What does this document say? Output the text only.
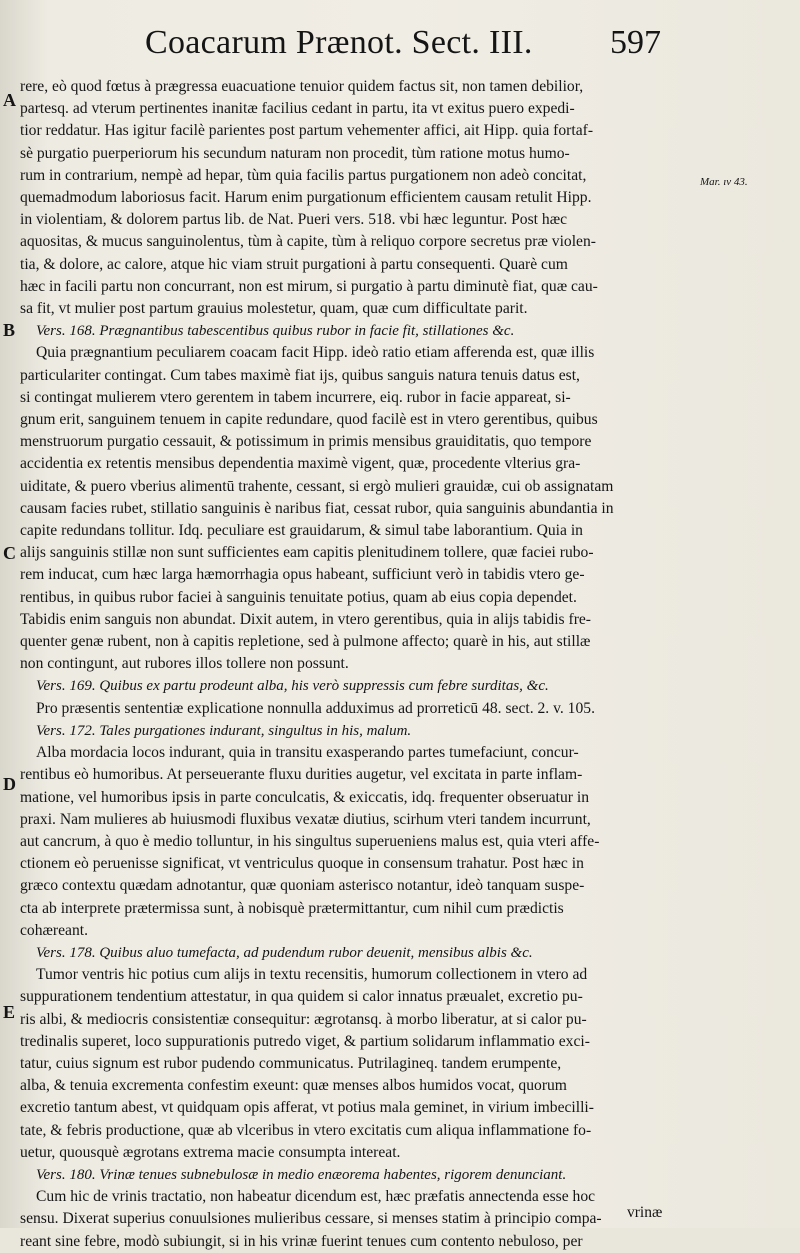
Coacarum Prænot. Sect. III. 597
A
B
C
D
E
Mar. ıv 43.

rere, eò quod fœtus à prægressa euacuatione tenuior quidem factus sit, non tamen debilior,

partesq. ad vterum pertinentes inanitæ facilius cedant in partu, ita vt exitus puero expedi-

tior reddatur. Has igitur facilè parientes post partum vehementer affici, ait Hipp. quia fortaf-

sè purgatio puerperiorum his secundum naturam non procedit, tùm ratione motus humo-

rum in contrarium, nempè ad hepar, tùm quia facilis partus purgationem non adeò concitat,

quemadmodum laboriosus facit. Harum enim purgationum efficientem causam retulit Hipp.

in violentiam, & dolorem partus lib. de Nat. Pueri vers. 518. vbi hæc leguntur. Post hæc

aquositas, & mucus sanguinolentus, tùm à capite, tùm à reliquo corpore secretus præ violen-

tia, & dolore, ac calore, atque hic viam struit purgationi à partu consequenti. Quarè cum

hæc in facili partu non concurrant, non est mirum, si purgatio à partu diminutè fiat, quæ cau-

sa fit, vt mulier post partum grauius molestetur, quam, quæ cum difficultate parit.

Vers. 168. Prægnantibus tabescentibus quibus rubor in facie fit, stillationes &c.

Quia prægnantium peculiarem coacam facit Hipp. ideò ratio etiam afferenda est, quæ illis

particulariter contingat. Cum tabes maximè fiat ijs, quibus sanguis natura tenuis datus est,

si contingat mulierem vtero gerentem in tabem incurrere, eiq. rubor in facie appareat, si-

gnum erit, sanguinem tenuem in capite redundare, quod facilè est in vtero gerentibus, quibus

menstruorum purgatio cessauit, & potissimum in primis mensibus grauiditatis, quo tempore

accidentia ex retentis mensibus dependentia maximè vigent, quæ, procedente vlterius gra-

uiditate, & puero vberius alimentū trahente, cessant, si ergò mulieri grauidæ, cui ob assignatam

causam facies rubet, stillatio sanguinis è naribus fiat, cessat rubor, quia sanguinis abundantia in

capite redundans tollitur. Idq. peculiare est grauidarum, & simul tabe laborantium. Quia in

alijs sanguinis stillæ non sunt sufficientes eam capitis plenitudinem tollere, quæ faciei rubo-

rem inducat, cum hæc larga hæmorrhagia opus habeant, sufficiunt verò in tabidis vtero ge-

rentibus, in quibus rubor faciei à sanguinis tenuitate potius, quam ab eius copia dependet.

Tabidis enim sanguis non abundat. Dixit autem, in vtero gerentibus, quia in alijs tabidis fre-

quenter genæ rubent, non à capitis repletione, sed à pulmone affecto; quarè in his, aut stillæ

non contingunt, aut rubores illos tollere non possunt.

Vers. 169. Quibus ex partu prodeunt alba, his verò suppressis cum febre surditas, &c.

Pro præsentis sententiæ explicatione nonnulla adduximus ad prorreticū 48. sect. 2. v. 105.

Vers. 172. Tales purgationes indurant, singultus in his, malum.

Alba mordacia locos indurant, quia in transitu exasperando partes tumefaciunt, concur-

rentibus eò humoribus. At perseuerante fluxu durities augetur, vel excitata in parte inflam-

matione, vel humoribus ipsis in parte conculcatis, & exiccatis, idq. frequenter obseruatur in

praxi. Nam mulieres ab huiusmodi fluxibus vexatæ diutius, scirhum vteri tandem incurrunt,

aut cancrum, à quo è medio tolluntur, in his singultus superueniens malus est, quia vteri affe-

ctionem eò peruenisse significat, vt ventriculus quoque in consensum trahatur. Post hæc in

græco contextu quædam adnotantur, quæ quoniam asterisco notantur, ideò tanquam suspe-

cta ab interprete prætermissa sunt, à nobisquè prætermittantur, cum nihil cum prædictis

cohæreant.

Vers. 178. Quibus aluo tumefacta, ad pudendum rubor deuenit, mensibus albis &c.

Tumor ventris hic potius cum alijs in textu recensitis, humorum collectionem in vtero ad

suppurationem tendentium attestatur, in qua quidem si calor innatus præualet, excretio pu-

ris albi, & mediocris consistentiæ consequitur: ægrotansq. à morbo liberatur, at si calor pu-

tredinalis superet, loco suppurationis putredo viget, & partium solidarum inflammatio exci-

tatur, cuius signum est rubor pudendo communicatus. Putrilagineq. tandem erumpente,

alba, & tenuia excrementa confestim exeunt: quæ menses albos humidos vocat, quorum

excretio tantum abest, vt quidquam opis afferat, vt potius mala geminet, in virium imbecilli-

tate, & febris productione, quæ ab vlceribus in vtero excitatis cum aliqua inflammatione fo-

uetur, quousquè ægrotans extrema macie consumpta intereat.

Vers. 180. Vrinæ tenues subnebulosæ in medio enæorema habentes, rigorem denunciant.

Cum hic de vrinis tractatio, non habeatur dicendum est, hæc præfatis annectenda esse hoc

sensu. Dixerat superius conuulsiones mulieribus cessare, si menses statim à principio compa-

reant sine febre, modò subiungit, si in his vrinæ fuerint tenues cum contento nebuloso, per

vrinæ
